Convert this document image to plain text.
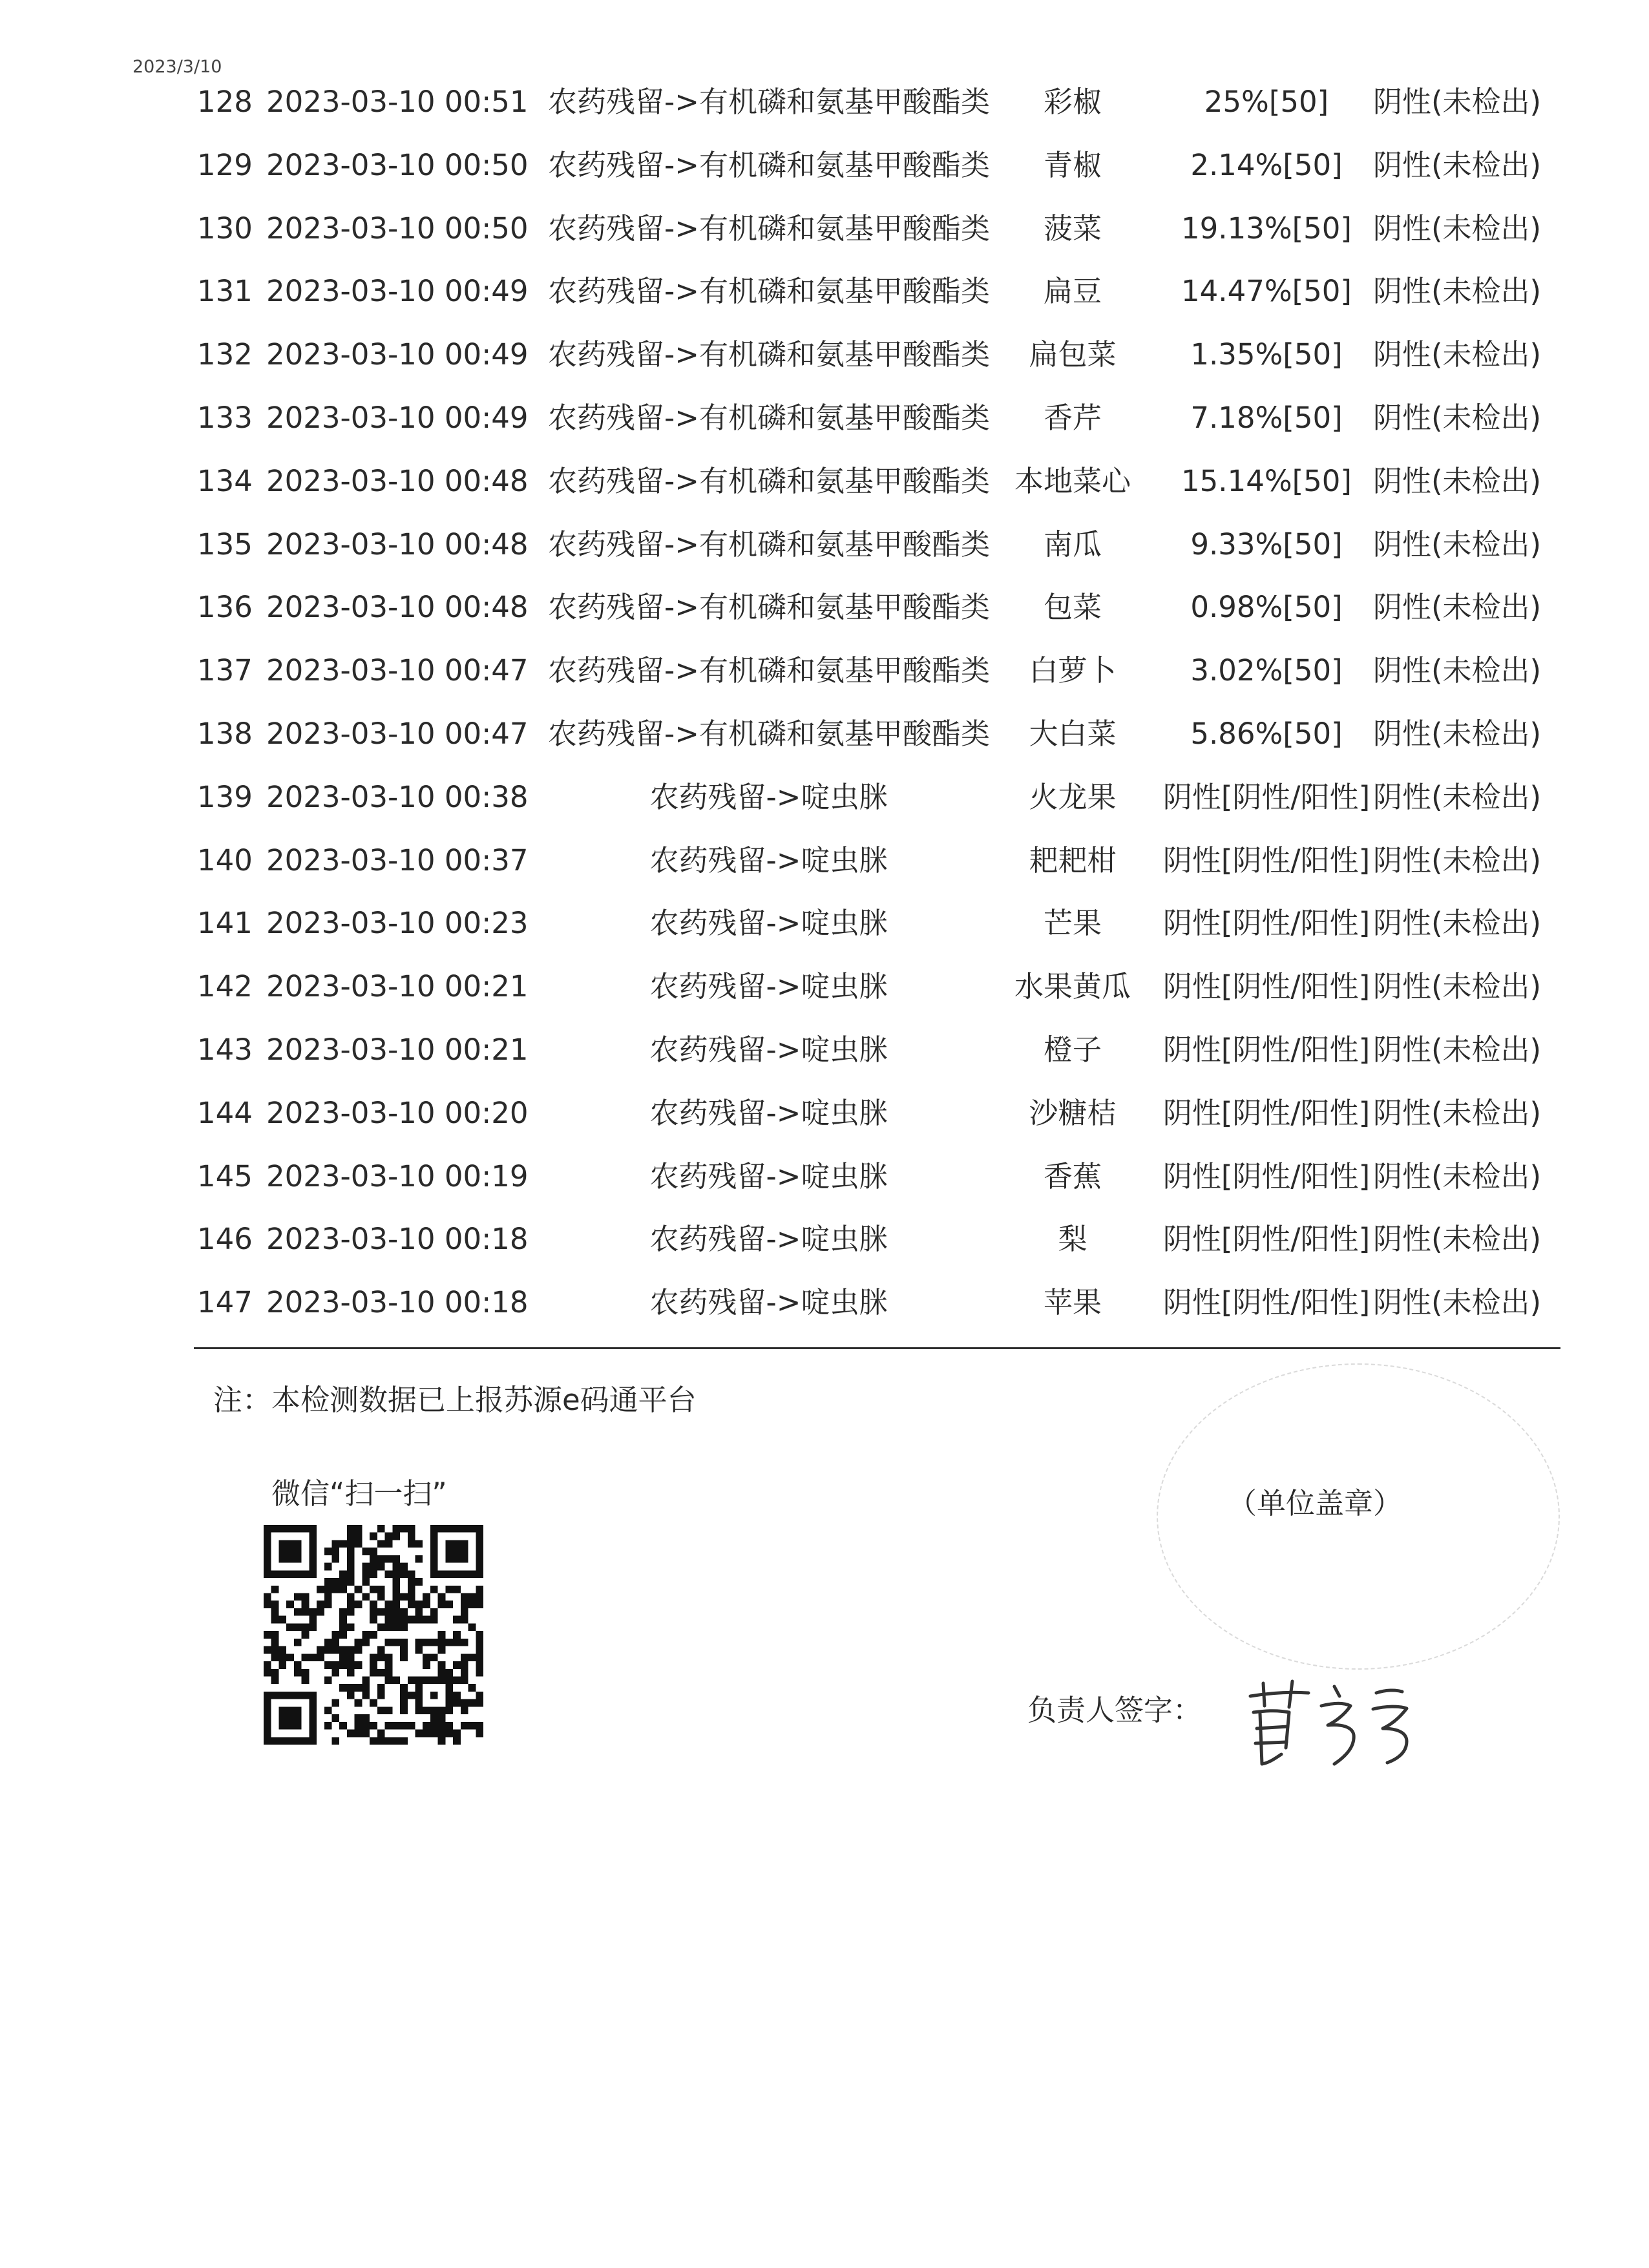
2023/3/10
128 2023-03-10 00:51 农药残留->有机磷和氨基甲酸酯类	彩椒	25%[50]	阴性(未检出)
129 2023-03-10 00:50 农药残留->有机磷和氨基甲酸酯类	青椒	2.14%[50]	阴性(未检出)
130 2023-03-10 00:50 农药残留->有机磷和氨基甲酸酯类	菠菜	19.13%[50] 阴性(未检出)
131 2023-03-10 00:49 农药残留->有机磷和氨基甲酸酯类	扁豆	14.47%[50] 阴性(未检出)
132 2023-03-10 00:49 农药残留->有机磷和氨基甲酸酯类	扁包菜	1.35%[50]	阴性(未检出)
133 2023-03-10 00:49 农药残留->有机磷和氨基甲酸酯类	香芹	7.18%[50]	阴性(未检出)
134 2023-03-10 00:48 农药残留->有机磷和氨基甲酸酯类 本地菜心	15.14%[50] 阴性(未检出)
135 2023-03-10 00:48 农药残留->有机磷和氨基甲酸酯类	南瓜	9.33%[50]	阴性(未检出)
136 2023-03-10 00:48 农药残留->有机磷和氨基甲酸酯类	包菜	0.98%[50]	阴性(未检出)
137 2023-03-10 00:47 农药残留->有机磷和氨基甲酸酯类	白萝卜	3.02%[50]	阴性(未检出)
138 2023-03-10 00:47 农药残留->有机磷和氨基甲酸酯类	大白菜	5.86%[50]	阴性(未检出)
139 2023-03-10 00:38	农药残留->啶虫脒	火龙果	阴性[阴性/阳性] 阴性(未检出)
140 2023-03-10 00:37	农药残留->啶虫脒	耙耙柑	阴性[阴性/阳性] 阴性(未检出)
141 2023-03-10 00:23	农药残留->啶虫脒	芒果	阴性[阴性/阳性] 阴性(未检出)
142 2023-03-10 00:21	农药残留->啶虫脒	水果黄瓜	阴性[阴性/阳性] 阴性(未检出)
143 2023-03-10 00:21	农药残留->啶虫脒	橙子	阴性[阴性/阳性] 阴性(未检出)
144 2023-03-10 00:20	农药残留->啶虫脒	沙糖桔	阴性[阴性/阳性] 阴性(未检出)
145 2023-03-10 00:19	农药残留->啶虫脒	香蕉	阴性[阴性/阳性] 阴性(未检出)
146 2023-03-10 00:18	农药残留->啶虫脒	梨	阴性[阴性/阳性] 阴性(未检出)
147 2023-03-10 00:18	农药残留->啶虫脒	苹果	阴性[阴性/阳性] 阴性(未检出)
注：本检测数据已上报苏源e码通平台
微信“扫一扫”	（单位盖章）
负责人签字：
